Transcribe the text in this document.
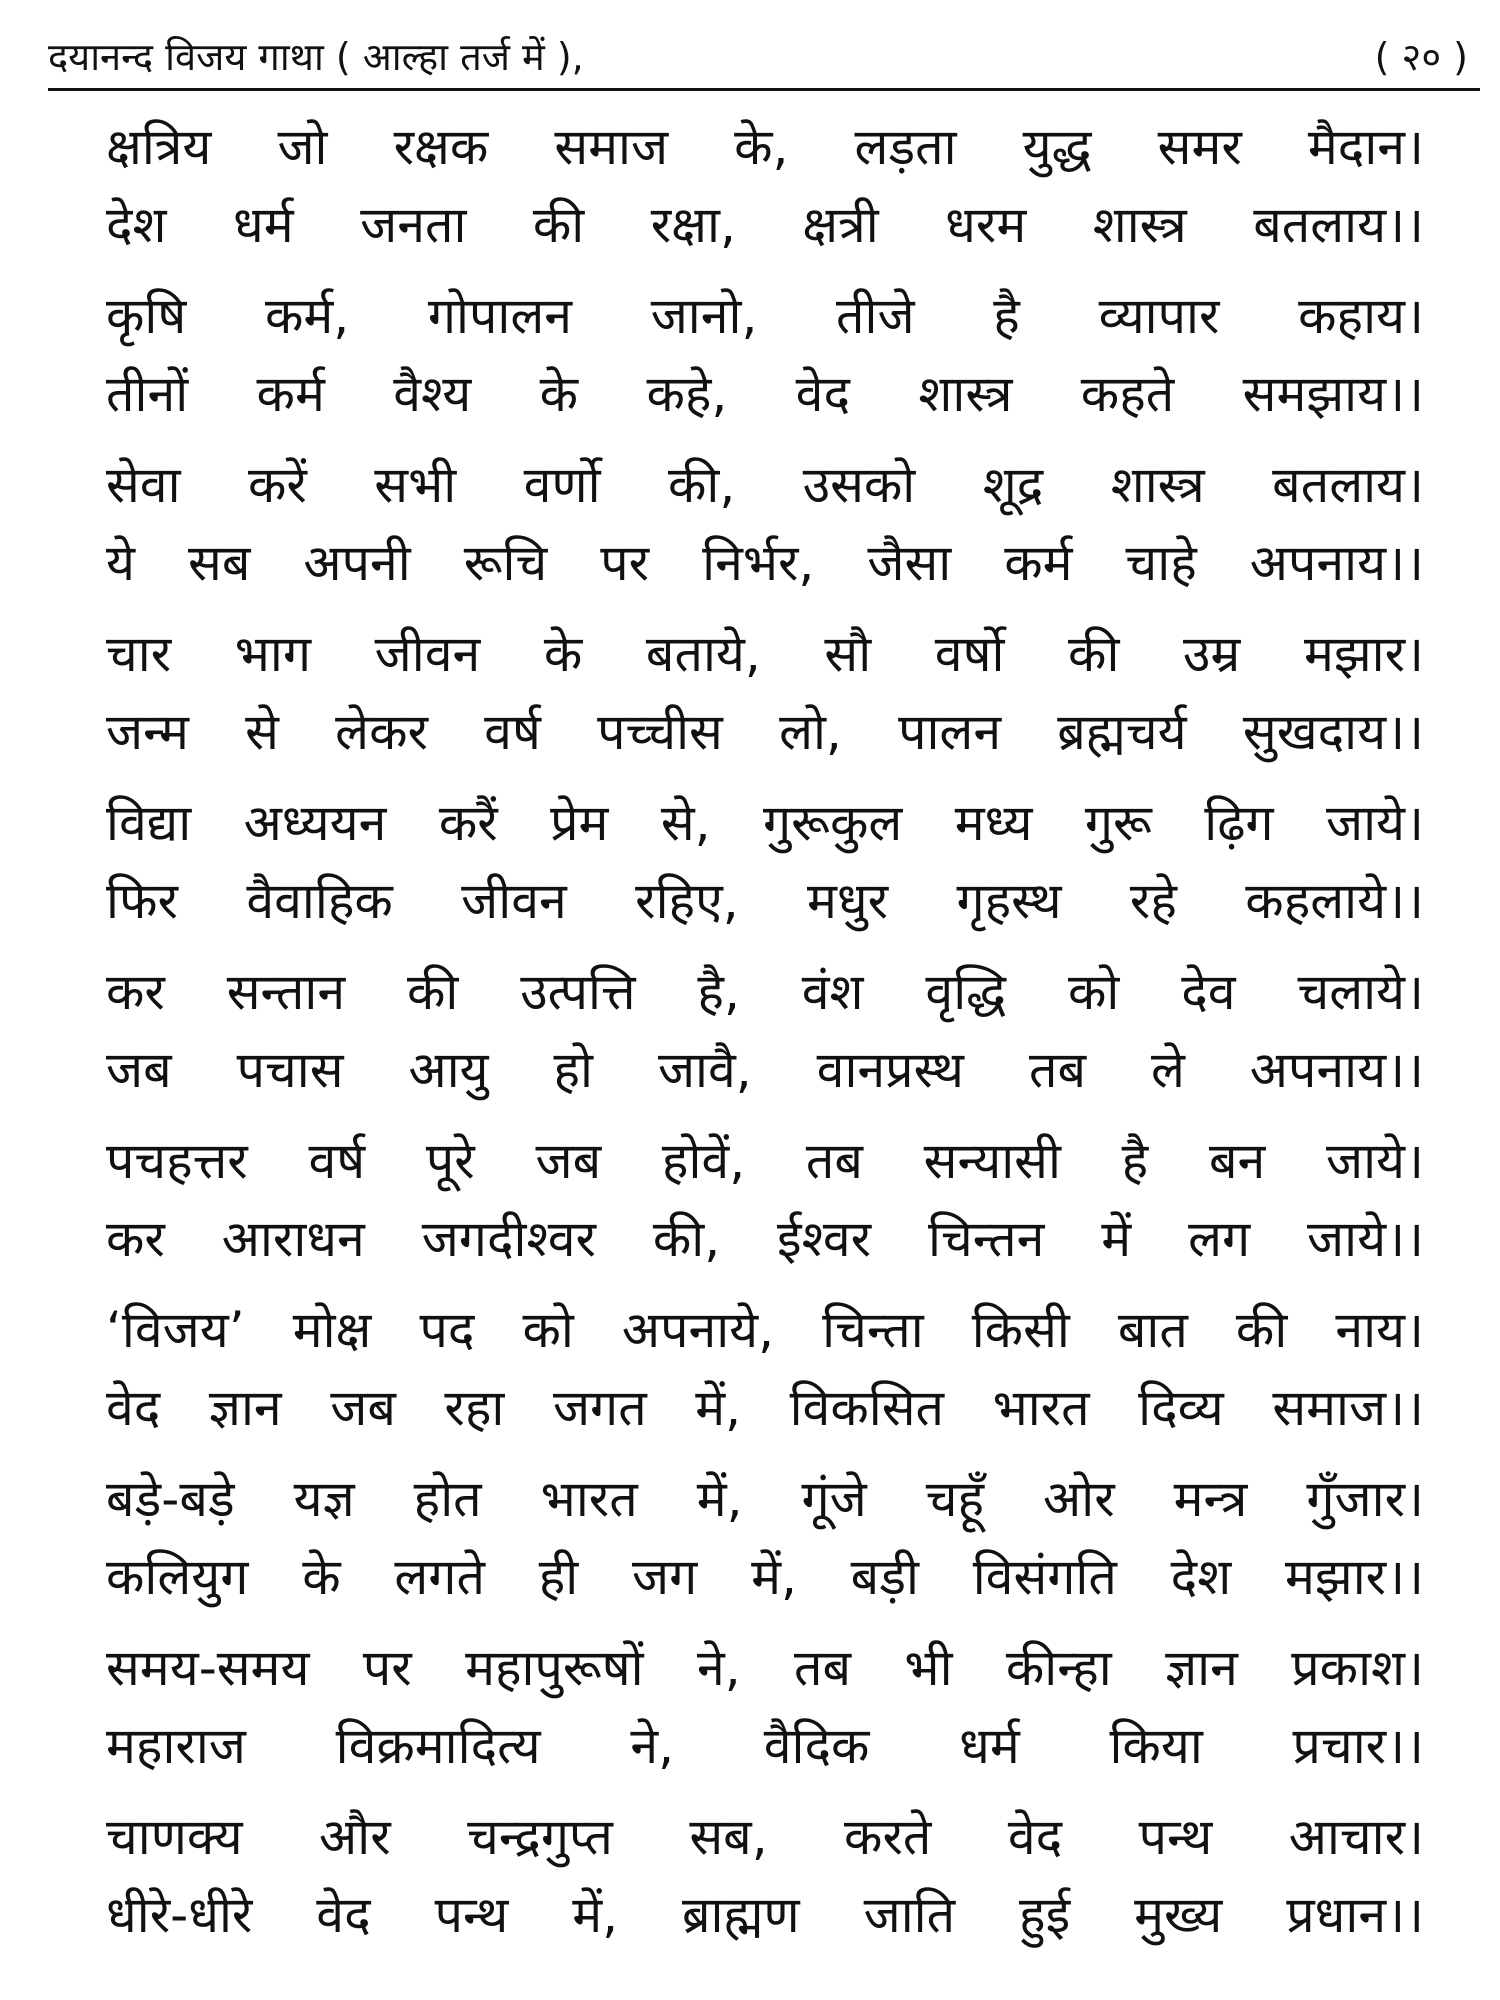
दयानन्द विजय गाथा ( आल्हा तर्ज में ),	( २० )
क्षत्रिय जो रक्षक समाज के, लड़ता युद्ध समर मैदान।
देश धर्म जनता की रक्षा, क्षत्री धरम शास्त्र बतलाय।।
कृषि कर्म, गोपालन जानो, तीजे है व्यापार कहाय।
तीनों कर्म वैश्य के कहे, वेद शास्त्र कहते समझाय।।
सेवा करें सभी वर्णो की, उसको शूद्र शास्त्र बतलाय।
ये सब अपनी रूचि पर निर्भर, जैसा कर्म चाहे अपनाय।।
चार भाग जीवन के बताये, सौ वर्षो की उम्र मझार।
जन्म से लेकर वर्ष पच्चीस लो, पालन ब्रह्मचर्य सुखदाय।।
विद्या अध्ययन करैं प्रेम से, गुरूकुल मध्य गुरू ढ़िग जाये।
फिर वैवाहिक जीवन रहिए, मधुर गृहस्थ रहे कहलाये।।
कर सन्तान की उत्पत्ति है, वंश वृद्धि को देव चलाये।
जब पचास आयु हो जावै, वानप्रस्थ तब ले अपनाय।।
पचहत्तर वर्ष पूरे जब होवें, तब सन्यासी है बन जाये।
कर आराधन जगदीश्वर की, ईश्वर चिन्तन में लग जाये।।
‘विजय’ मोक्ष पद को अपनाये, चिन्ता किसी बात की नाय।
वेद ज्ञान जब रहा जगत में, विकसित भारत दिव्य समाज।।
बड़े-बड़े यज्ञ होत भारत में, गूंजे चहूँ ओर मन्त्र गुँजार।
कलियुग के लगते ही जग में, बड़ी विसंगति देश मझार।।
समय-समय पर महापुरूषों ने, तब भी कीन्हा ज्ञान प्रकाश।
महाराज विक्रमादित्य ने, वैदिक धर्म किया प्रचार।।
चाणक्य और चन्द्रगुप्त सब, करते वेद पन्थ आचार।
धीरे-धीरे वेद पन्थ में, ब्राह्मण जाति हुई मुख्य प्रधान।।
